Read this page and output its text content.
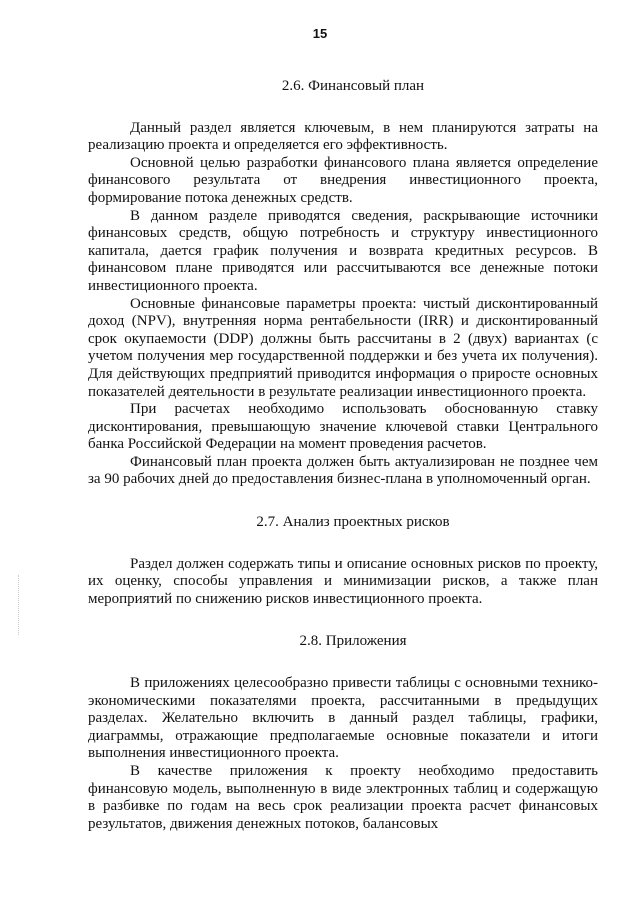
15
2.6. Финансовый план

Данный раздел является ключевым, в нем планируются затраты на реализацию проекта и определяется его эффективность.

Основной целью разработки финансового плана является определение финансового результата от внедрения инвестиционного проекта, формирование потока денежных средств.

В данном разделе приводятся сведения, раскрывающие источники финансовых средств, общую потребность и структуру инвестиционного капитала, дается график получения и возврата кредитных ресурсов. В финансовом плане приводятся или рассчитываются все денежные потоки инвестиционного проекта.

Основные финансовые параметры проекта: чистый дисконтированный доход (NPV), внутренняя норма рентабельности (IRR) и дисконтированный срок окупаемости (DDP) должны быть рассчитаны в 2 (двух) вариантах (с учетом получения мер государственной поддержки и без учета их получения). Для действующих предприятий приводится информация о приросте основных показателей деятельности в результате реализации инвестиционного проекта.

При расчетах необходимо использовать обоснованную ставку дисконтирования, превышающую значение ключевой ставки Центрального банка Российской Федерации на момент проведения расчетов.

Финансовый план проекта должен быть актуализирован не позднее чем за 90 рабочих дней до предоставления бизнес-плана в уполномоченный орган.

2.7. Анализ проектных рисков

Раздел должен содержать типы и описание основных рисков по проекту, их оценку, способы управления и минимизации рисков, а также план мероприятий по снижению рисков инвестиционного проекта.

2.8. Приложения

В приложениях целесообразно привести таблицы с основными технико-экономическими показателями проекта, рассчитанными в предыдущих разделах. Желательно включить в данный раздел таблицы, графики, диаграммы, отражающие предполагаемые основные показатели и итоги выполнения инвестиционного проекта.

В качестве приложения к проекту необходимо предоставить финансовую модель, выполненную в виде электронных таблиц и содержащую в разбивке по годам на весь срок реализации проекта расчет финансовых результатов, движения денежных потоков, балансовых
